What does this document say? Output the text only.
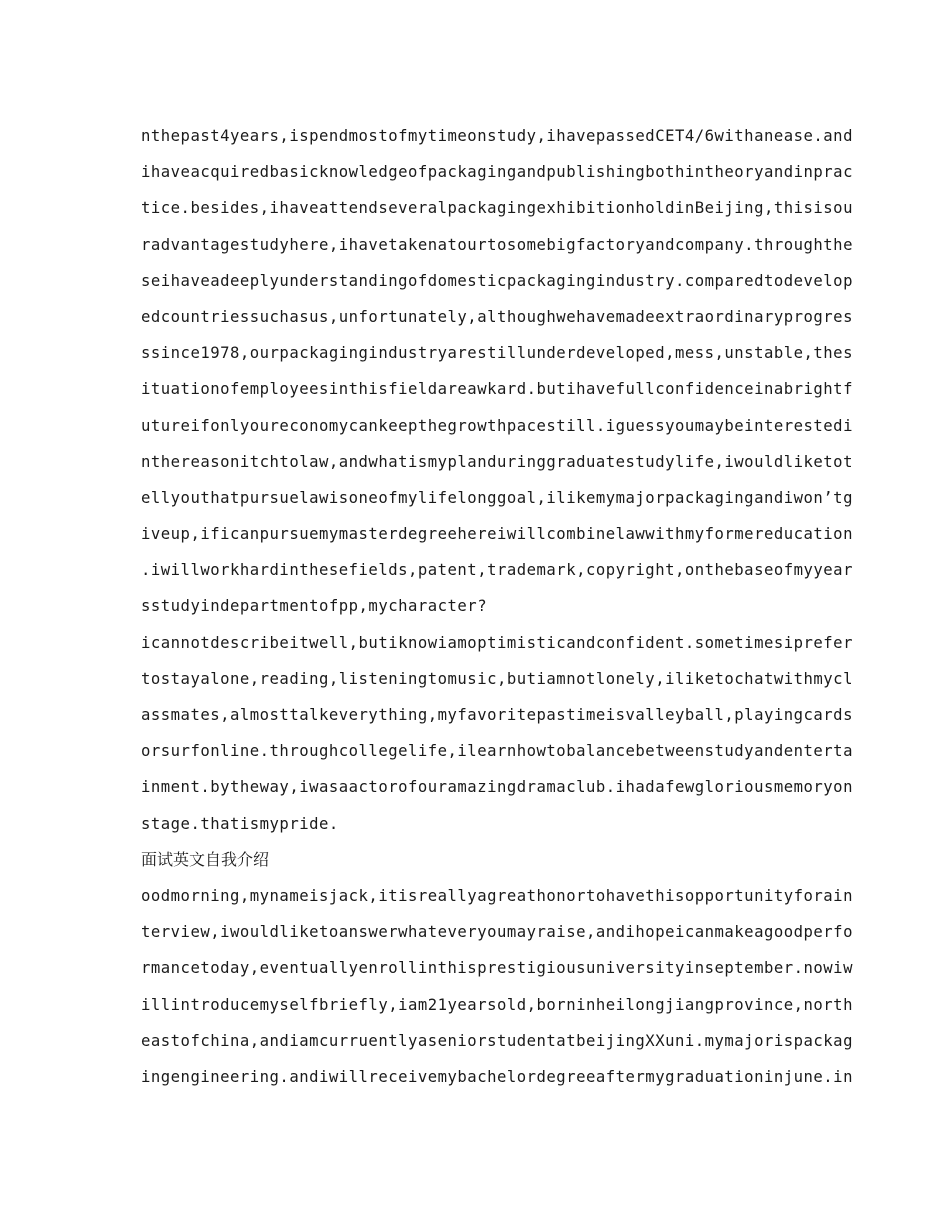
nthepast4years,ispendmostofmytimeonstudy,ihavepassedCET4/6withanease.and
ihaveacquiredbasicknowledgeofpackagingandpublishingbothintheoryandinprac
tice.besides,ihaveattendseveralpackagingexhibitionholdinBeijing,thisisou
radvantagestudyhere,ihavetakenatourtosomebigfactoryandcompany.throughthe
seihaveadeeplyunderstandingofdomesticpackagingindustry.comparedtodevelop
edcountriessuchasus,unfortunately,althoughwehavemadeextraordinaryprogres
ssince1978,ourpackagingindustryarestillunderdeveloped,mess,unstable,thes
ituationofemployeesinthisfieldareawkard.butihavefullconfidenceinabrightf
utureifonlyoureconomycankeepthegrowthpacestill.iguessyoumaybeinterestedi
nthereasonitchtolaw,andwhatismyplanduringgraduatestudylife,iwouldliketot
ellyouthatpursuelawisoneofmylifelonggoal,ilikemymajorpackagingandiwon’tg
iveup,ificanpursuemymasterdegreehereiwillcombinelawwithmyformereducation
.iwillworkhardinthesefields,patent,trademark,copyright,onthebaseofmyyear
sstudyindepartmentofpp,mycharacter?
icannotdescribeitwell,butiknowiamoptimisticandconfident.sometimesiprefer
tostayalone,reading,listeningtomusic,butiamnotlonely,iliketochatwithmycl
assmates,almosttalkeverything,myfavoritepastimeisvalleyball,playingcards
orsurfonline.throughcollegelife,ilearnhowtobalancebetweenstudyandenterta
inment.bytheway,iwasaactorofouramazingdramaclub.ihadafewgloriousmemoryon
stage.thatismypride.
面试英文自我介绍
oodmorning,mynameisjack,itisreallyagreathonortohavethisopportunityforain
terview,iwouldliketoanswerwhateveryoumayraise,andihopeicanmakeagoodperfo
rmancetoday,eventuallyenrollinthisprestigiousuniversityinseptember.nowiw
illintroducemyselfbriefly,iam21yearsold,borninheilongjiangprovince,north
eastofchina,andiamcurruentlyaseniorstudentatbeijingXXuni.mymajorispackag
ingengineering.andiwillreceivemybachelordegreeaftermygraduationinjune.in
